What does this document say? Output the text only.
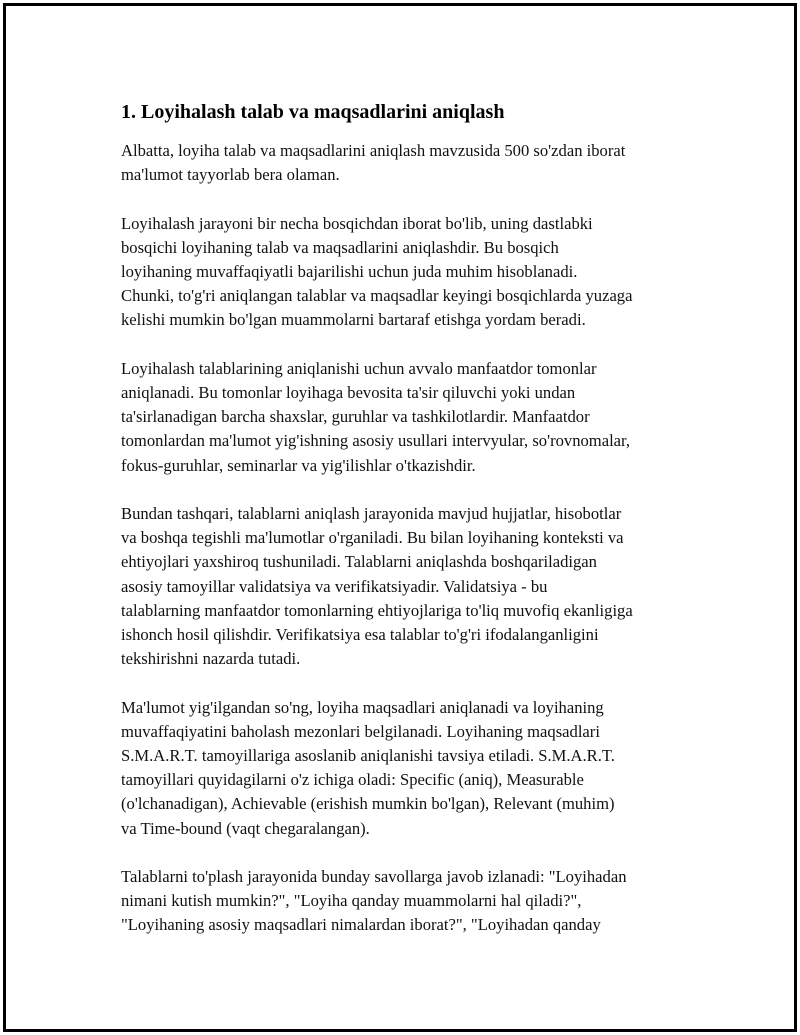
1. Loyihalash talab va maqsadlarini aniqlash

Albatta, loyiha talab va maqsadlarini aniqlash mavzusida 500 so'zdan iborat
ma'lumot tayyorlab bera olaman.

Loyihalash jarayoni bir necha bosqichdan iborat bo'lib, uning dastlabki
bosqichi loyihaning talab va maqsadlarini aniqlashdir. Bu bosqich
loyihaning muvaffaqiyatli bajarilishi uchun juda muhim hisoblanadi.
Chunki, to'g'ri aniqlangan talablar va maqsadlar keyingi bosqichlarda yuzaga
kelishi mumkin bo'lgan muammolarni bartaraf etishga yordam beradi.

Loyihalash talablarining aniqlanishi uchun avvalo manfaatdor tomonlar
aniqlanadi. Bu tomonlar loyihaga bevosita ta'sir qiluvchi yoki undan
ta'sirlanadigan barcha shaxslar, guruhlar va tashkilotlardir. Manfaatdor
tomonlardan ma'lumot yig'ishning asosiy usullari intervyular, so'rovnomalar,
fokus-guruhlar, seminarlar va yig'ilishlar o'tkazishdir.

Bundan tashqari, talablarni aniqlash jarayonida mavjud hujjatlar, hisobotlar
va boshqa tegishli ma'lumotlar o'rganiladi. Bu bilan loyihaning konteksti va
ehtiyojlari yaxshiroq tushuniladi. Talablarni aniqlashda boshqariladigan
asosiy tamoyillar validatsiya va verifikatsiyadir. Validatsiya - bu
talablarning manfaatdor tomonlarning ehtiyojlariga to'liq muvofiq ekanligiga
ishonch hosil qilishdir. Verifikatsiya esa talablar to'g'ri ifodalanganligini
tekshirishni nazarda tutadi.

Ma'lumot yig'ilgandan so'ng, loyiha maqsadlari aniqlanadi va loyihaning
muvaffaqiyatini baholash mezonlari belgilanadi. Loyihaning maqsadlari
S.M.A.R.T. tamoyillariga asoslanib aniqlanishi tavsiya etiladi. S.M.A.R.T.
tamoyillari quyidagilarni o'z ichiga oladi: Specific (aniq), Measurable
(o'lchanadigan), Achievable (erishish mumkin bo'lgan), Relevant (muhim)
va Time-bound (vaqt chegaralangan).

Talablarni to'plash jarayonida bunday savollarga javob izlanadi: "Loyihadan
nimani kutish mumkin?", "Loyiha qanday muammolarni hal qiladi?",
"Loyihaning asosiy maqsadlari nimalardan iborat?", "Loyihadan qanday
